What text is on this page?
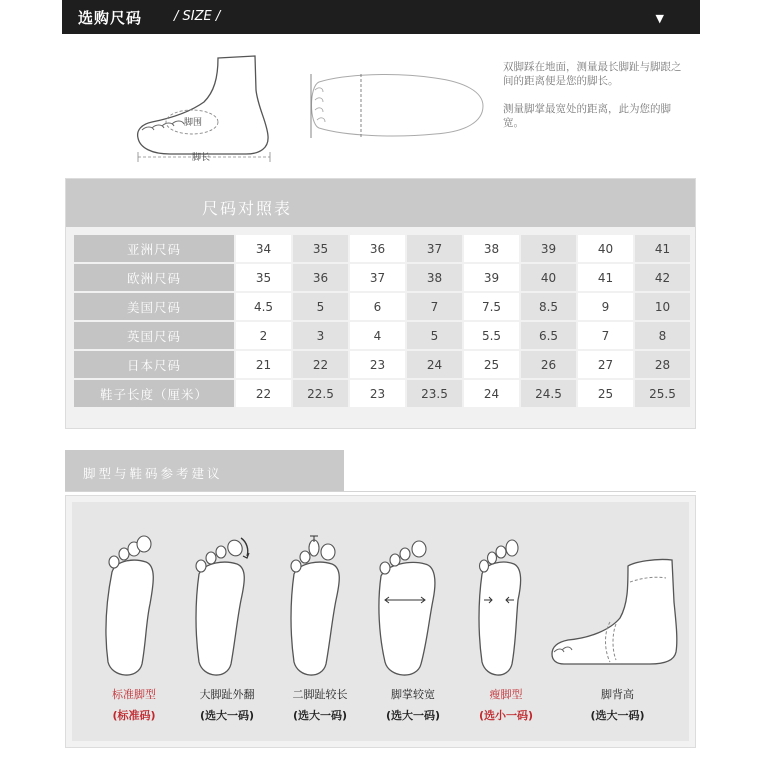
选购尺码 / SIZE /	▼
脚围
脚长
双脚踩在地面，测量最长脚趾与脚跟之间的距离便是您的脚长。
测量脚掌最宽处的距离，此为您的脚宽。
尺码对照表
亚洲尺码	34	35	36	37	38	39	40	41
欧洲尺码	35	36	37	38	39	40	41	42
美国尺码	4.5	5	6	7	7.5	8.5	9	10
英国尺码	2	3	4	5	5.5	6.5	7	8
日本尺码	21	22	23	24	25	26	27	28
鞋子长度（厘米）	22	22.5	23	23.5	24	24.5	25	25.5
脚型与鞋码参考建议
标准脚型
(标准码)
大脚趾外翻
(选大一码)
二脚趾较长
(选大一码)
脚掌较宽
(选大一码)
瘦脚型
(选小一码)
脚背高
(选大一码)
